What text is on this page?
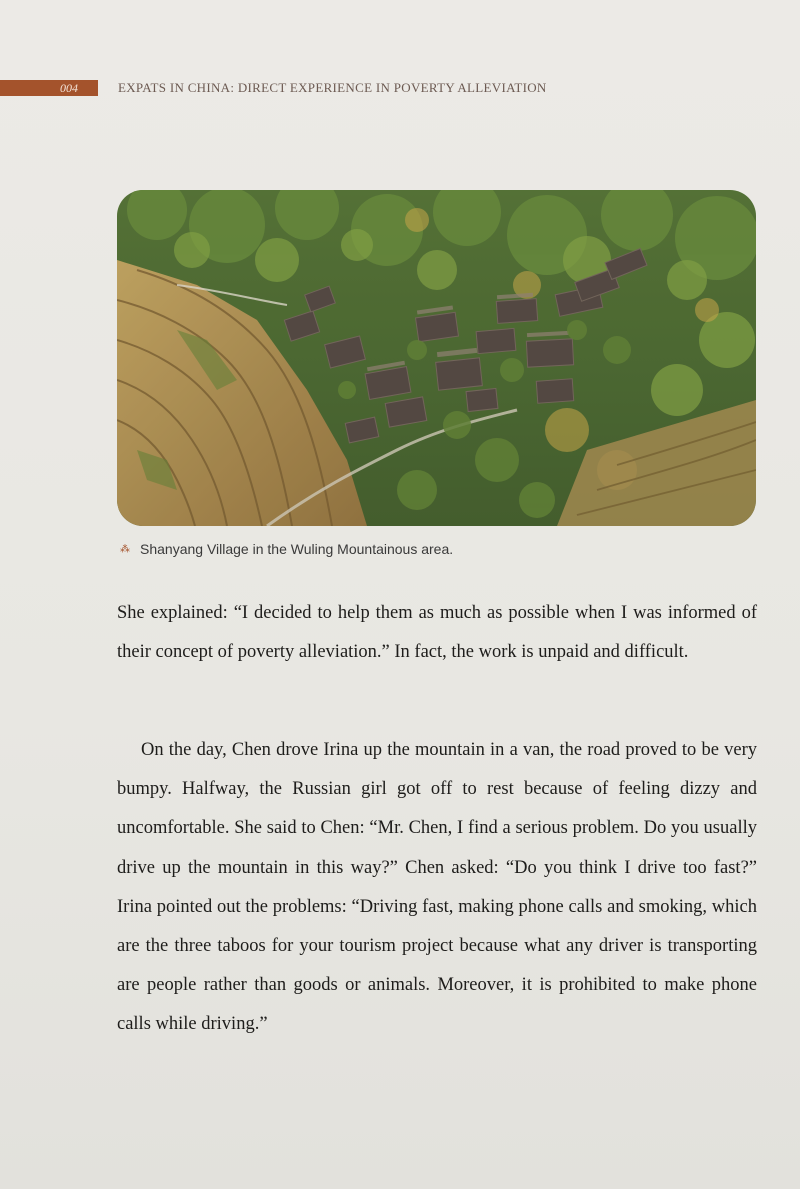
004	EXPATS IN CHINA: DIRECT EXPERIENCE IN POVERTY ALLEVIATION
⁂ Shanyang Village in the Wuling Mountainous area.

She explained: “I decided to help them as much as possible when I was informed of their concept of poverty alleviation.” In fact, the work is unpaid and difficult.

On the day, Chen drove Irina up the mountain in a van, the road proved to be very bumpy. Halfway, the Russian girl got off to rest because of feeling dizzy and uncomfortable. She said to Chen: “Mr. Chen, I find a serious problem. Do you usually drive up the mountain in this way?” Chen asked: “Do you think I drive too fast?” Irina pointed out the problems: “Driving fast, making phone calls and smoking, which are the three taboos for your tourism project because what any driver is transporting are people rather than goods or animals. Moreover, it is prohibited to make phone calls while driving.”
